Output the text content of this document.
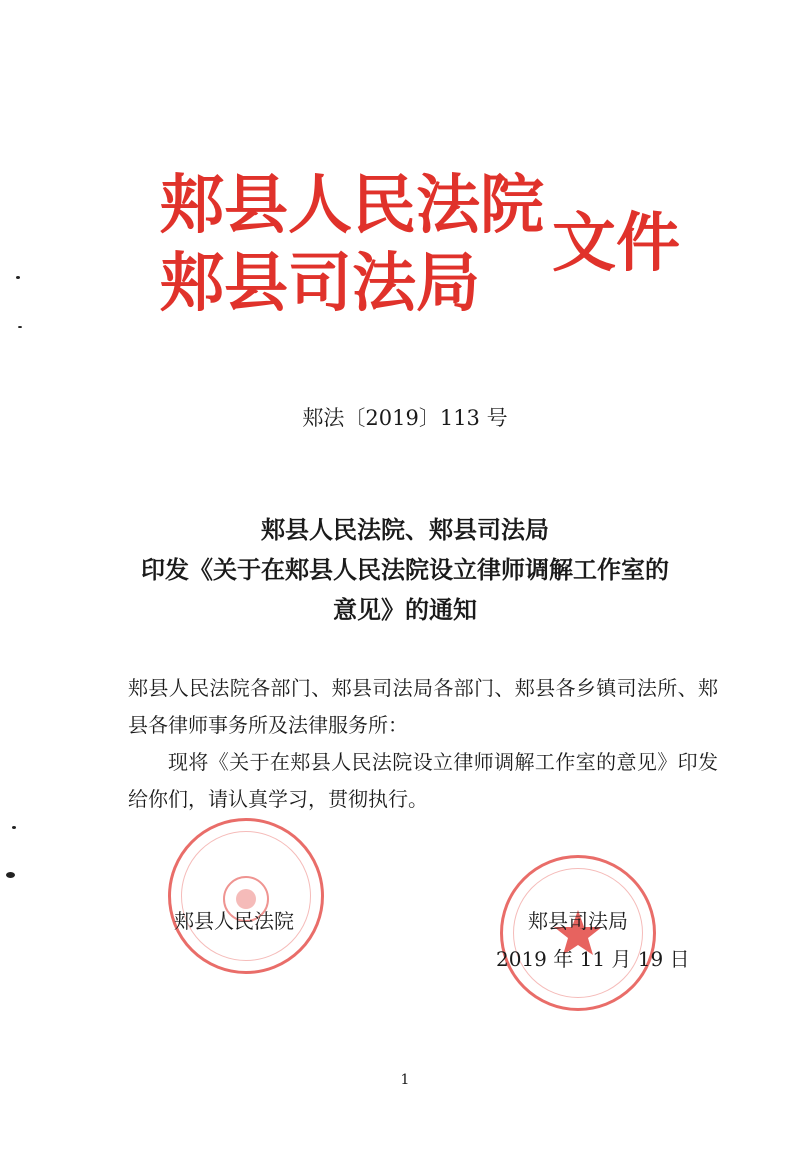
郏县人民法院
郏县司法局
文件
郏法〔2019〕113 号
郏县人民法院、郏县司法局
印发《关于在郏县人民法院设立律师调解工作室的
意见》的通知

郏县人民法院各部门、郏县司法局各部门、郏县各乡镇司法所、郏县各律师事务所及法律服务所：

现将《关于在郏县人民法院设立律师调解工作室的意见》印发给你们，请认真学习，贯彻执行。

郏县人民法院	郏县司法局
2019 年 11 月 19 日
1
